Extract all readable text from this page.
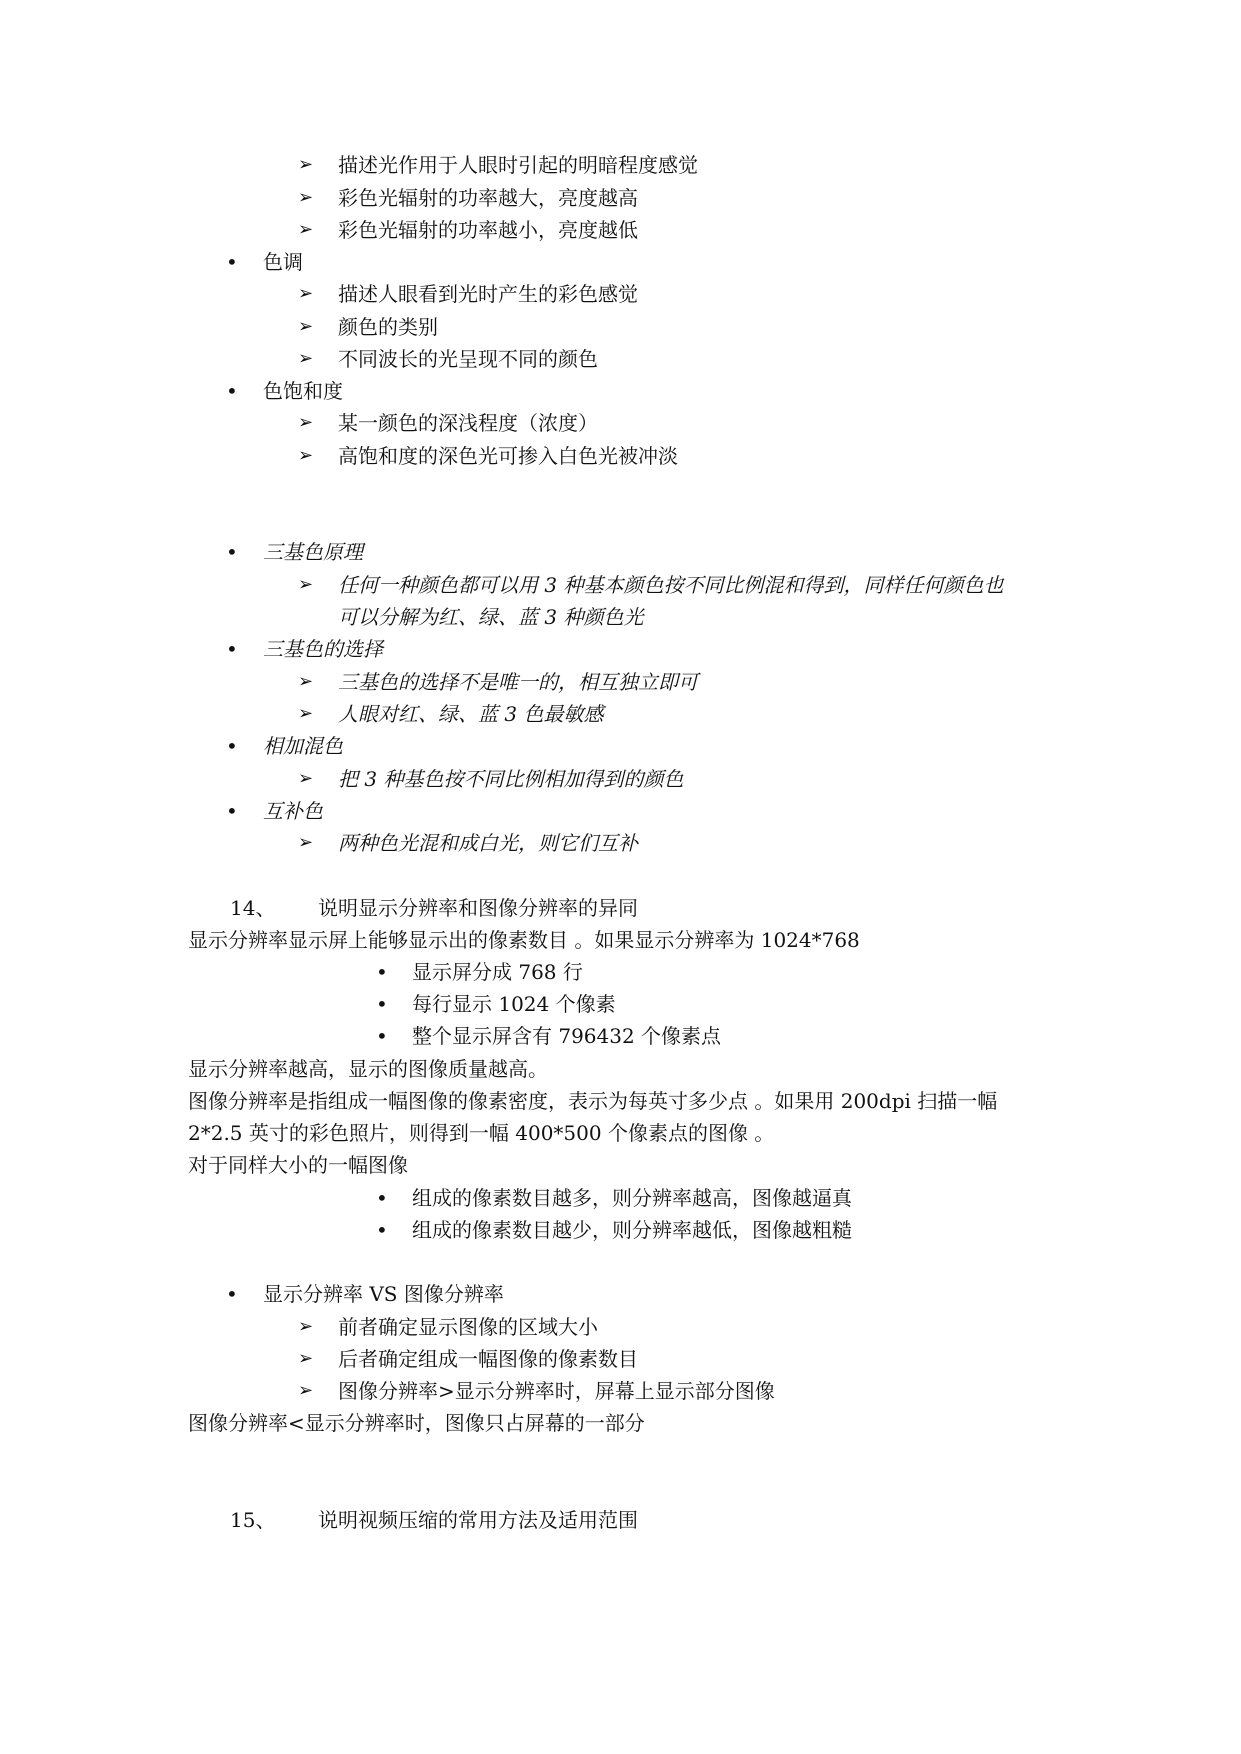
➢ 描述光作用于人眼时引起的明暗程度感觉
➢ 彩色光辐射的功率越大，亮度越高
➢ 彩色光辐射的功率越小，亮度越低
• 色调
➢ 描述人眼看到光时产生的彩色感觉
➢ 颜色的类别
➢ 不同波长的光呈现不同的颜色
• 色饱和度
➢ 某一颜色的深浅程度（浓度）
➢ 高饱和度的深色光可掺入白色光被冲淡
• 三基色原理
➢ 任何一种颜色都可以用 3 种基本颜色按不同比例混和得到，同样任何颜色也
可以分解为红、绿、蓝 3 种颜色光
• 三基色的选择
➢ 三基色的选择不是唯一的，相互独立即可
➢ 人眼对红、绿、蓝 3 色最敏感
• 相加混色
➢ 把 3 种基色按不同比例相加得到的颜色
• 互补色
➢ 两种色光混和成白光，则它们互补
14、 说明显示分辨率和图像分辨率的异同
显示分辨率显示屏上能够显示出的像素数目 。如果显示分辨率为 1024*768
• 显示屏分成 768 行
• 每行显示 1024 个像素
• 整个显示屏含有 796432 个像素点
显示分辨率越高，显示的图像质量越高。
图像分辨率是指组成一幅图像的像素密度，表示为每英寸多少点 。如果用 200dpi 扫描一幅
2*2.5 英寸的彩色照片，则得到一幅 400*500 个像素点的图像 。
对于同样大小的一幅图像
• 组成的像素数目越多，则分辨率越高，图像越逼真
• 组成的像素数目越少，则分辨率越低，图像越粗糙
• 显示分辨率 VS 图像分辨率
➢ 前者确定显示图像的区域大小
➢ 后者确定组成一幅图像的像素数目
➢ 图像分辨率>显示分辨率时，屏幕上显示部分图像
图像分辨率<显示分辨率时，图像只占屏幕的一部分
15、 说明视频压缩的常用方法及适用范围
